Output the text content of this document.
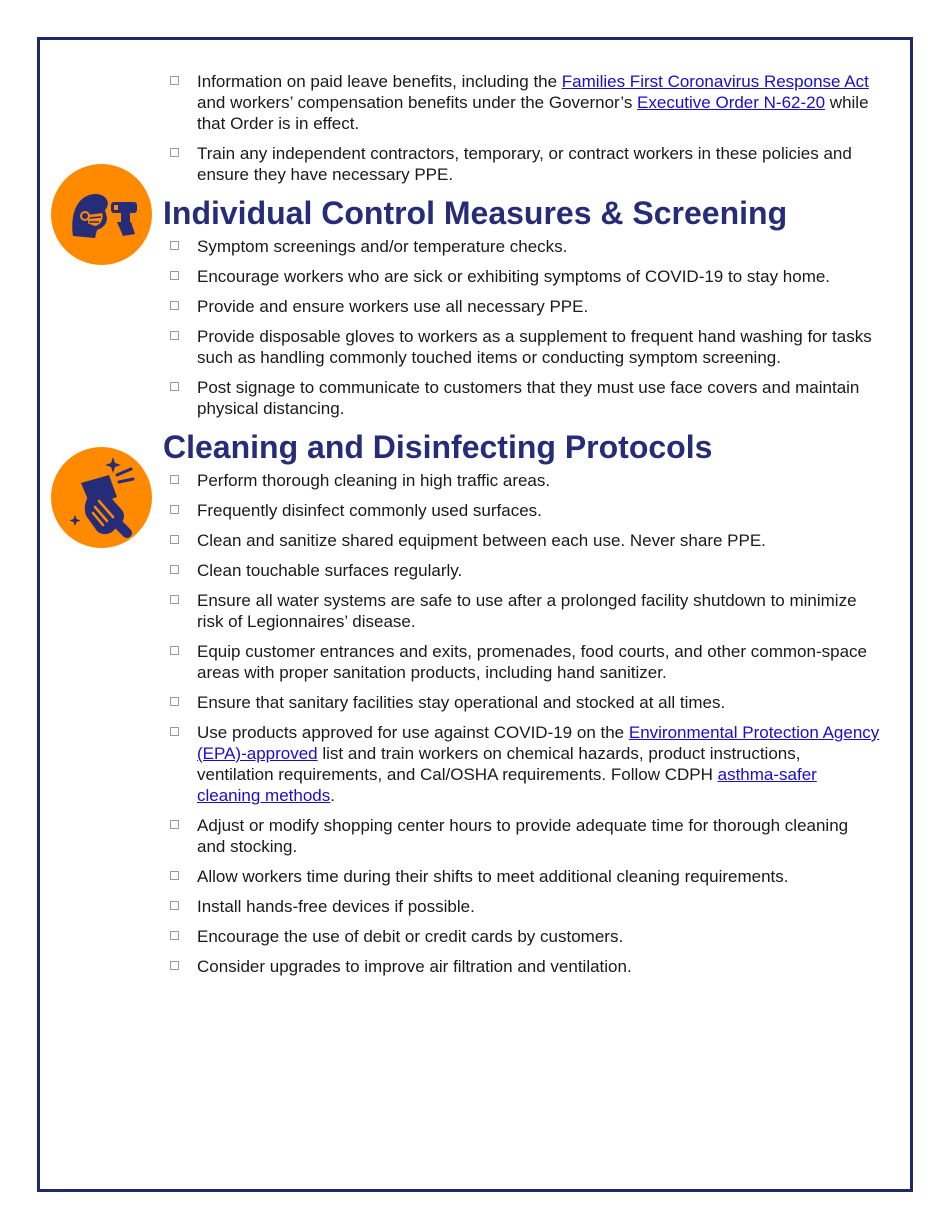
Information on paid leave benefits, including the Families First Coronavirus Response Act and workers’ compensation benefits under the Governor’s Executive Order N-62-20 while that Order is in effect.
Train any independent contractors, temporary, or contract workers in these policies and ensure they have necessary PPE.
Individual Control Measures & Screening
Symptom screenings and/or temperature checks.
Encourage workers who are sick or exhibiting symptoms of COVID-19 to stay home.
Provide and ensure workers use all necessary PPE.
Provide disposable gloves to workers as a supplement to frequent hand washing for tasks such as handling commonly touched items or conducting symptom screening.
Post signage to communicate to customers that they must use face covers and maintain physical distancing.
Cleaning and Disinfecting Protocols
Perform thorough cleaning in high traffic areas.
Frequently disinfect commonly used surfaces.
Clean and sanitize shared equipment between each use. Never share PPE.
Clean touchable surfaces regularly.
Ensure all water systems are safe to use after a prolonged facility shutdown to minimize risk of Legionnaires’ disease.
Equip customer entrances and exits, promenades, food courts, and other common-space areas with proper sanitation products, including hand sanitizer.
Ensure that sanitary facilities stay operational and stocked at all times.
Use products approved for use against COVID-19 on the Environmental Protection Agency (EPA)-approved list and train workers on chemical hazards, product instructions, ventilation requirements, and Cal/OSHA requirements. Follow CDPH asthma-safer cleaning methods.
Adjust or modify shopping center hours to provide adequate time for thorough cleaning and stocking.
Allow workers time during their shifts to meet additional cleaning requirements.
Install hands-free devices if possible.
Encourage the use of debit or credit cards by customers.
Consider upgrades to improve air filtration and ventilation.
